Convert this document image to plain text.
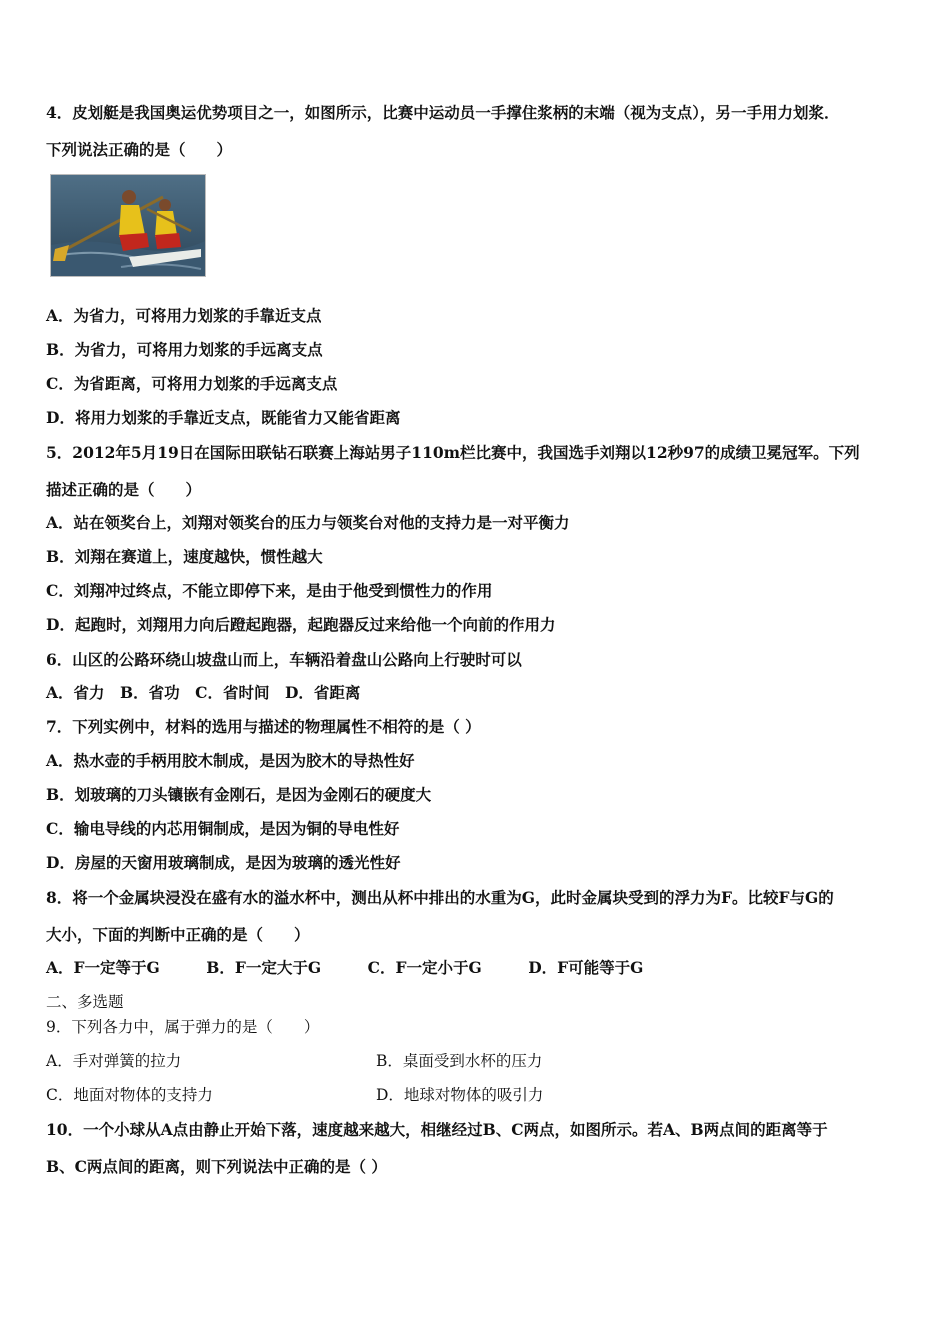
4．皮划艇是我国奥运优势项目之一，如图所示，比赛中运动员一手撑住浆柄的末端（视为支点），另一手用力划浆．
下列说法正确的是（　　）
A．为省力，可将用力划浆的手靠近支点
B．为省力，可将用力划浆的手远离支点
C．为省距离，可将用力划浆的手远离支点
D．将用力划浆的手靠近支点，既能省力又能省距离
5．2012年5月19日在国际田联钻石联赛上海站男子110m栏比赛中，我国选手刘翔以12秒97的成绩卫冕冠军。下列
描述正确的是（　　）
A．站在领奖台上，刘翔对领奖台的压力与领奖台对他的支持力是一对平衡力
B．刘翔在赛道上，速度越快，惯性越大
C．刘翔冲过终点，不能立即停下来，是由于他受到惯性力的作用
D．起跑时，刘翔用力向后蹬起跑器，起跑器反过来给他一个向前的作用力
6．山区的公路环绕山坡盘山而上，车辆沿着盘山公路向上行驶时可以
A．省力　B．省功　C．省时间　D．省距离
7．下列实例中，材料的选用与描述的物理属性不相符的是（ ）
A．热水壶的手柄用胶木制成，是因为胶木的导热性好
B．划玻璃的刀头镶嵌有金刚石，是因为金刚石的硬度大
C．输电导线的内芯用铜制成，是因为铜的导电性好
D．房屋的天窗用玻璃制成，是因为玻璃的透光性好
8．将一个金属块浸没在盛有水的溢水杯中，测出从杯中排出的水重为G，此时金属块受到的浮力为F。比较F与G的
大小，下面的判断中正确的是（　　）
A．F一定等于G　　　B．F一定大于G　　　C．F一定小于G　　　D．F可能等于G
二、多选题
9．下列各力中，属于弹力的是（　　）
A．手对弹簧的拉力	B．桌面受到水杯的压力
C．地面对物体的支持力	D．地球对物体的吸引力
10．一个小球从A点由静止开始下落，速度越来越大，相继经过B、C两点，如图所示。若A、B两点间的距离等于
B、C两点间的距离，则下列说法中正确的是（ ）
